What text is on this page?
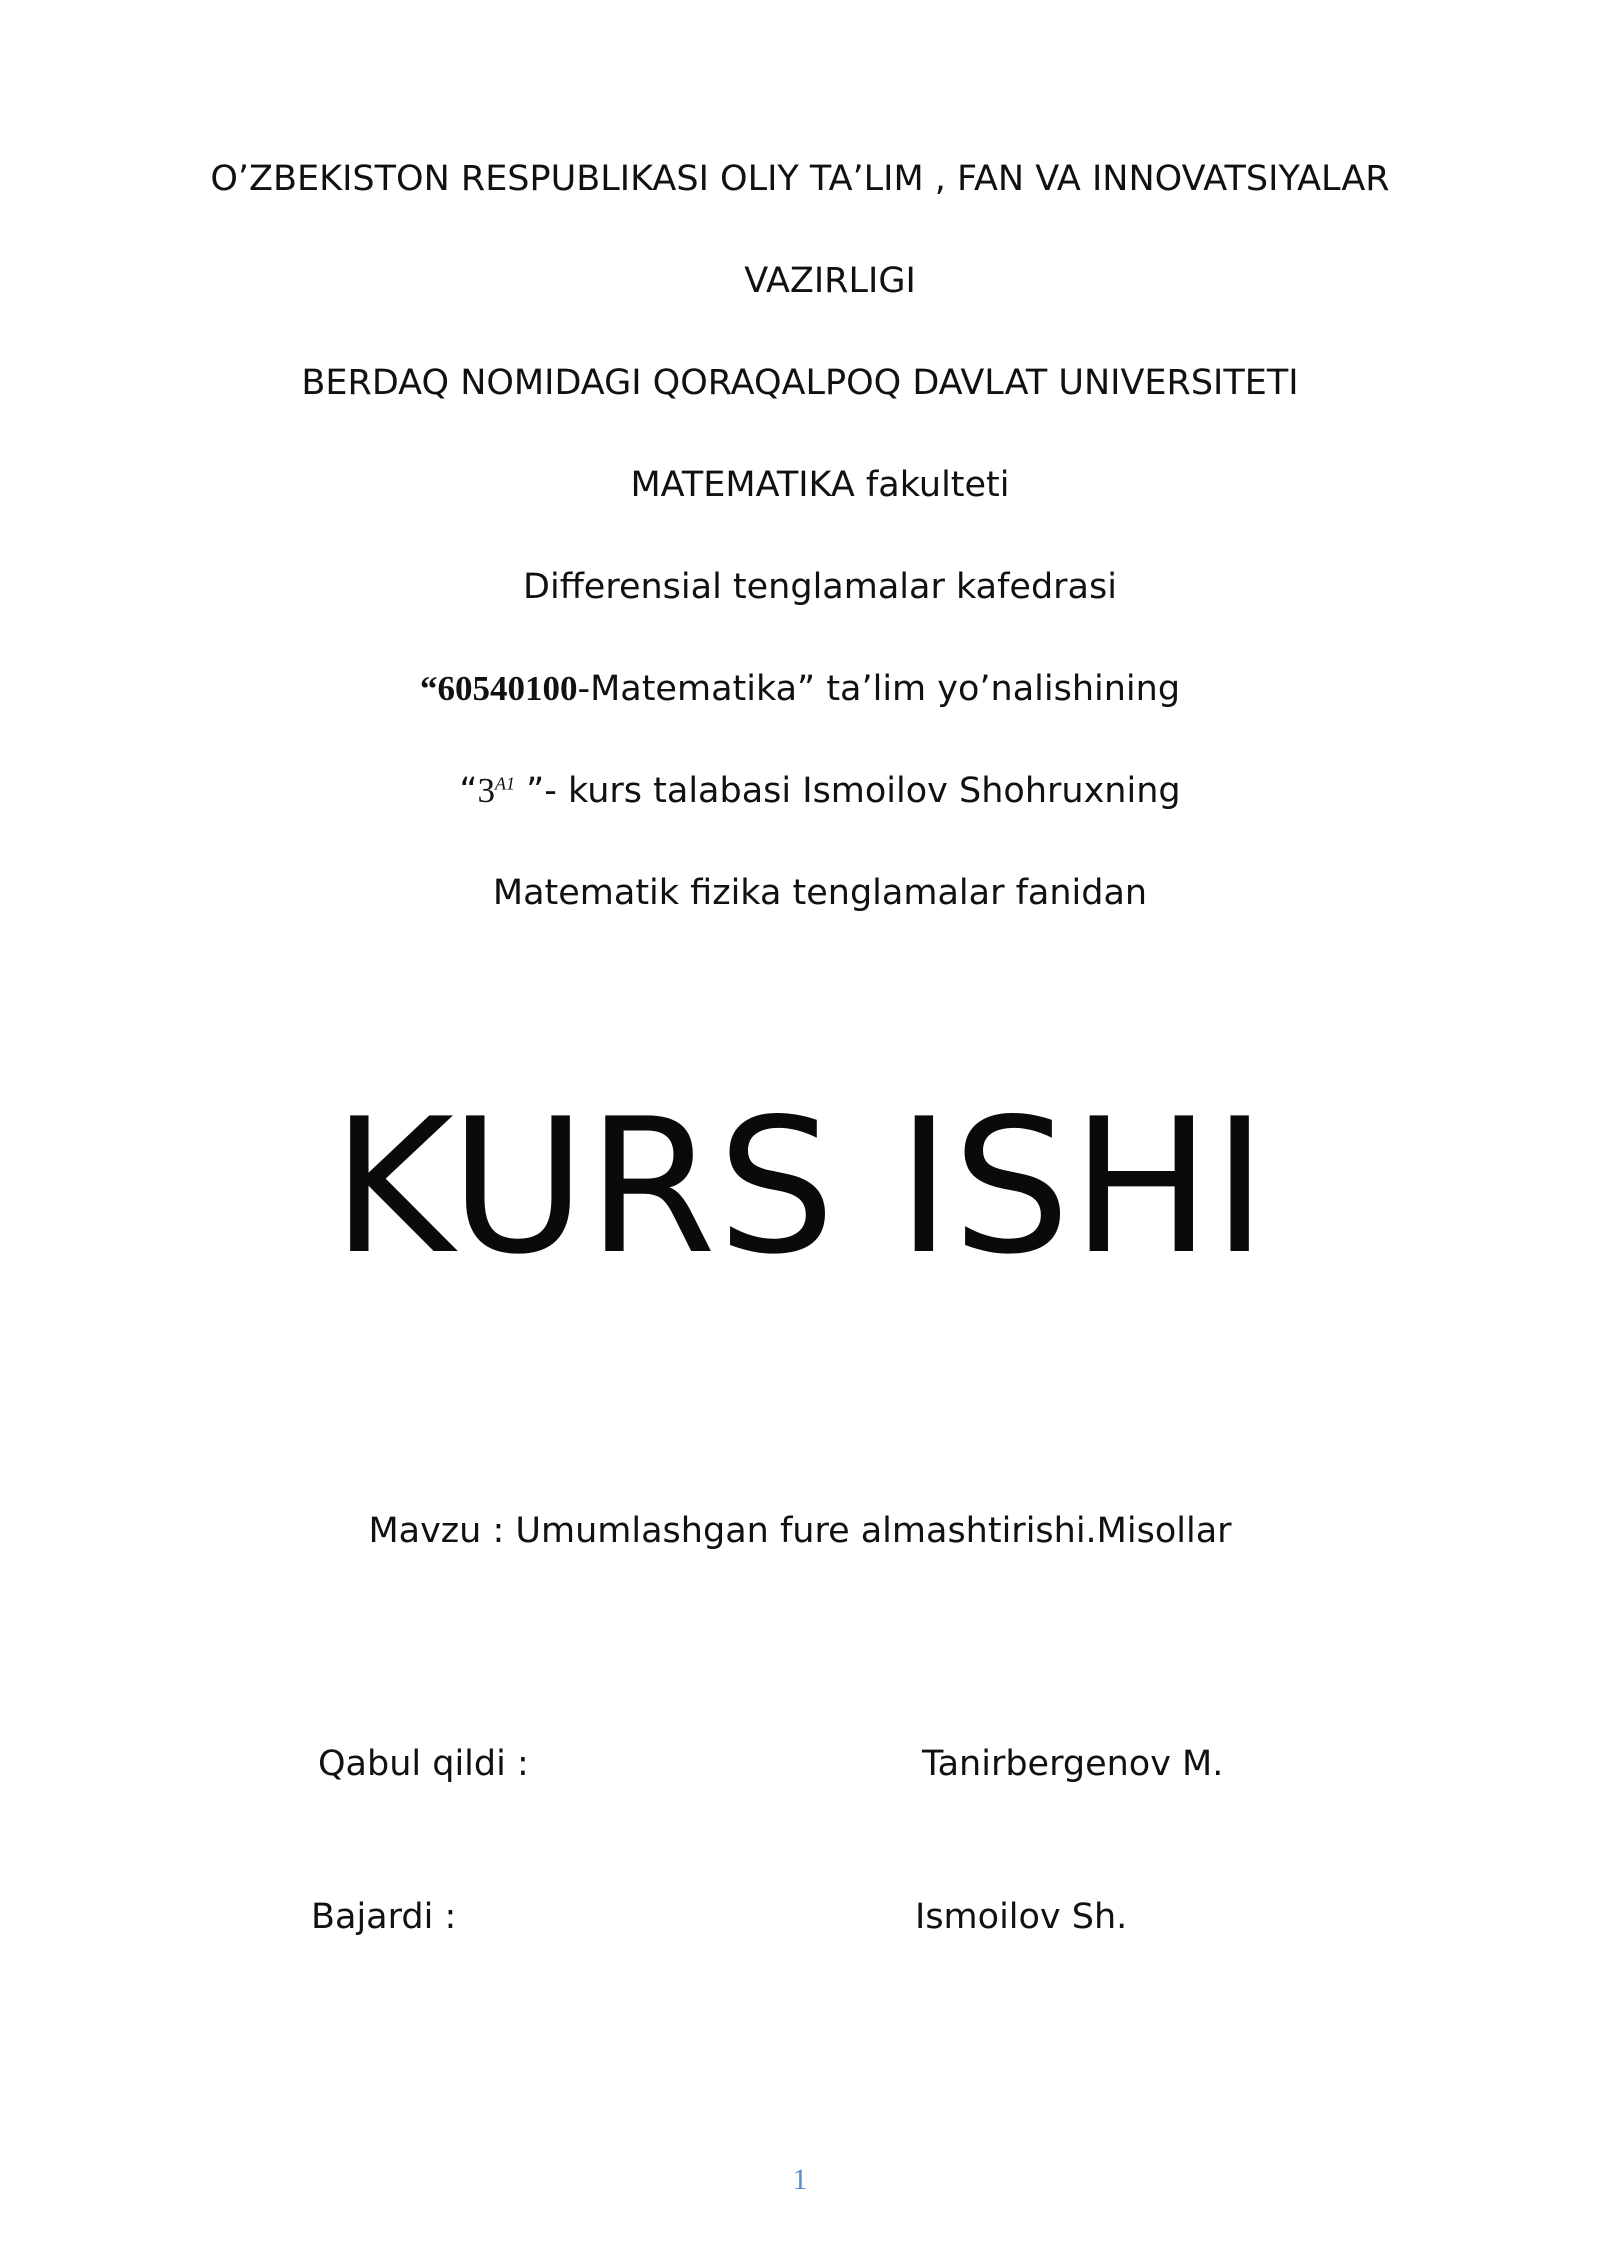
O’ZBEKISTON RESPUBLIKASI OLIY TA’LIM , FAN VA INNOVATSIYALAR
VAZIRLIGI
BERDAQ NOMIDAGI QORAQALPOQ DAVLAT UNIVERSITETI
MATEMATIKA fakulteti
Differensial tenglamalar kafedrasi
“60540100-Matematika” ta’lim yo’nalishining
“$3^{A1}$ ”- kurs talabasi Ismoilov Shohruxning
Matematik fizika tenglamalar fanidan
KURS ISHI
Mavzu : Umumlashgan fure almashtirishi.Misollar
Qabul qildi :	Tanirbergenov M.
Bajardi :	Ismoilov Sh.
1
